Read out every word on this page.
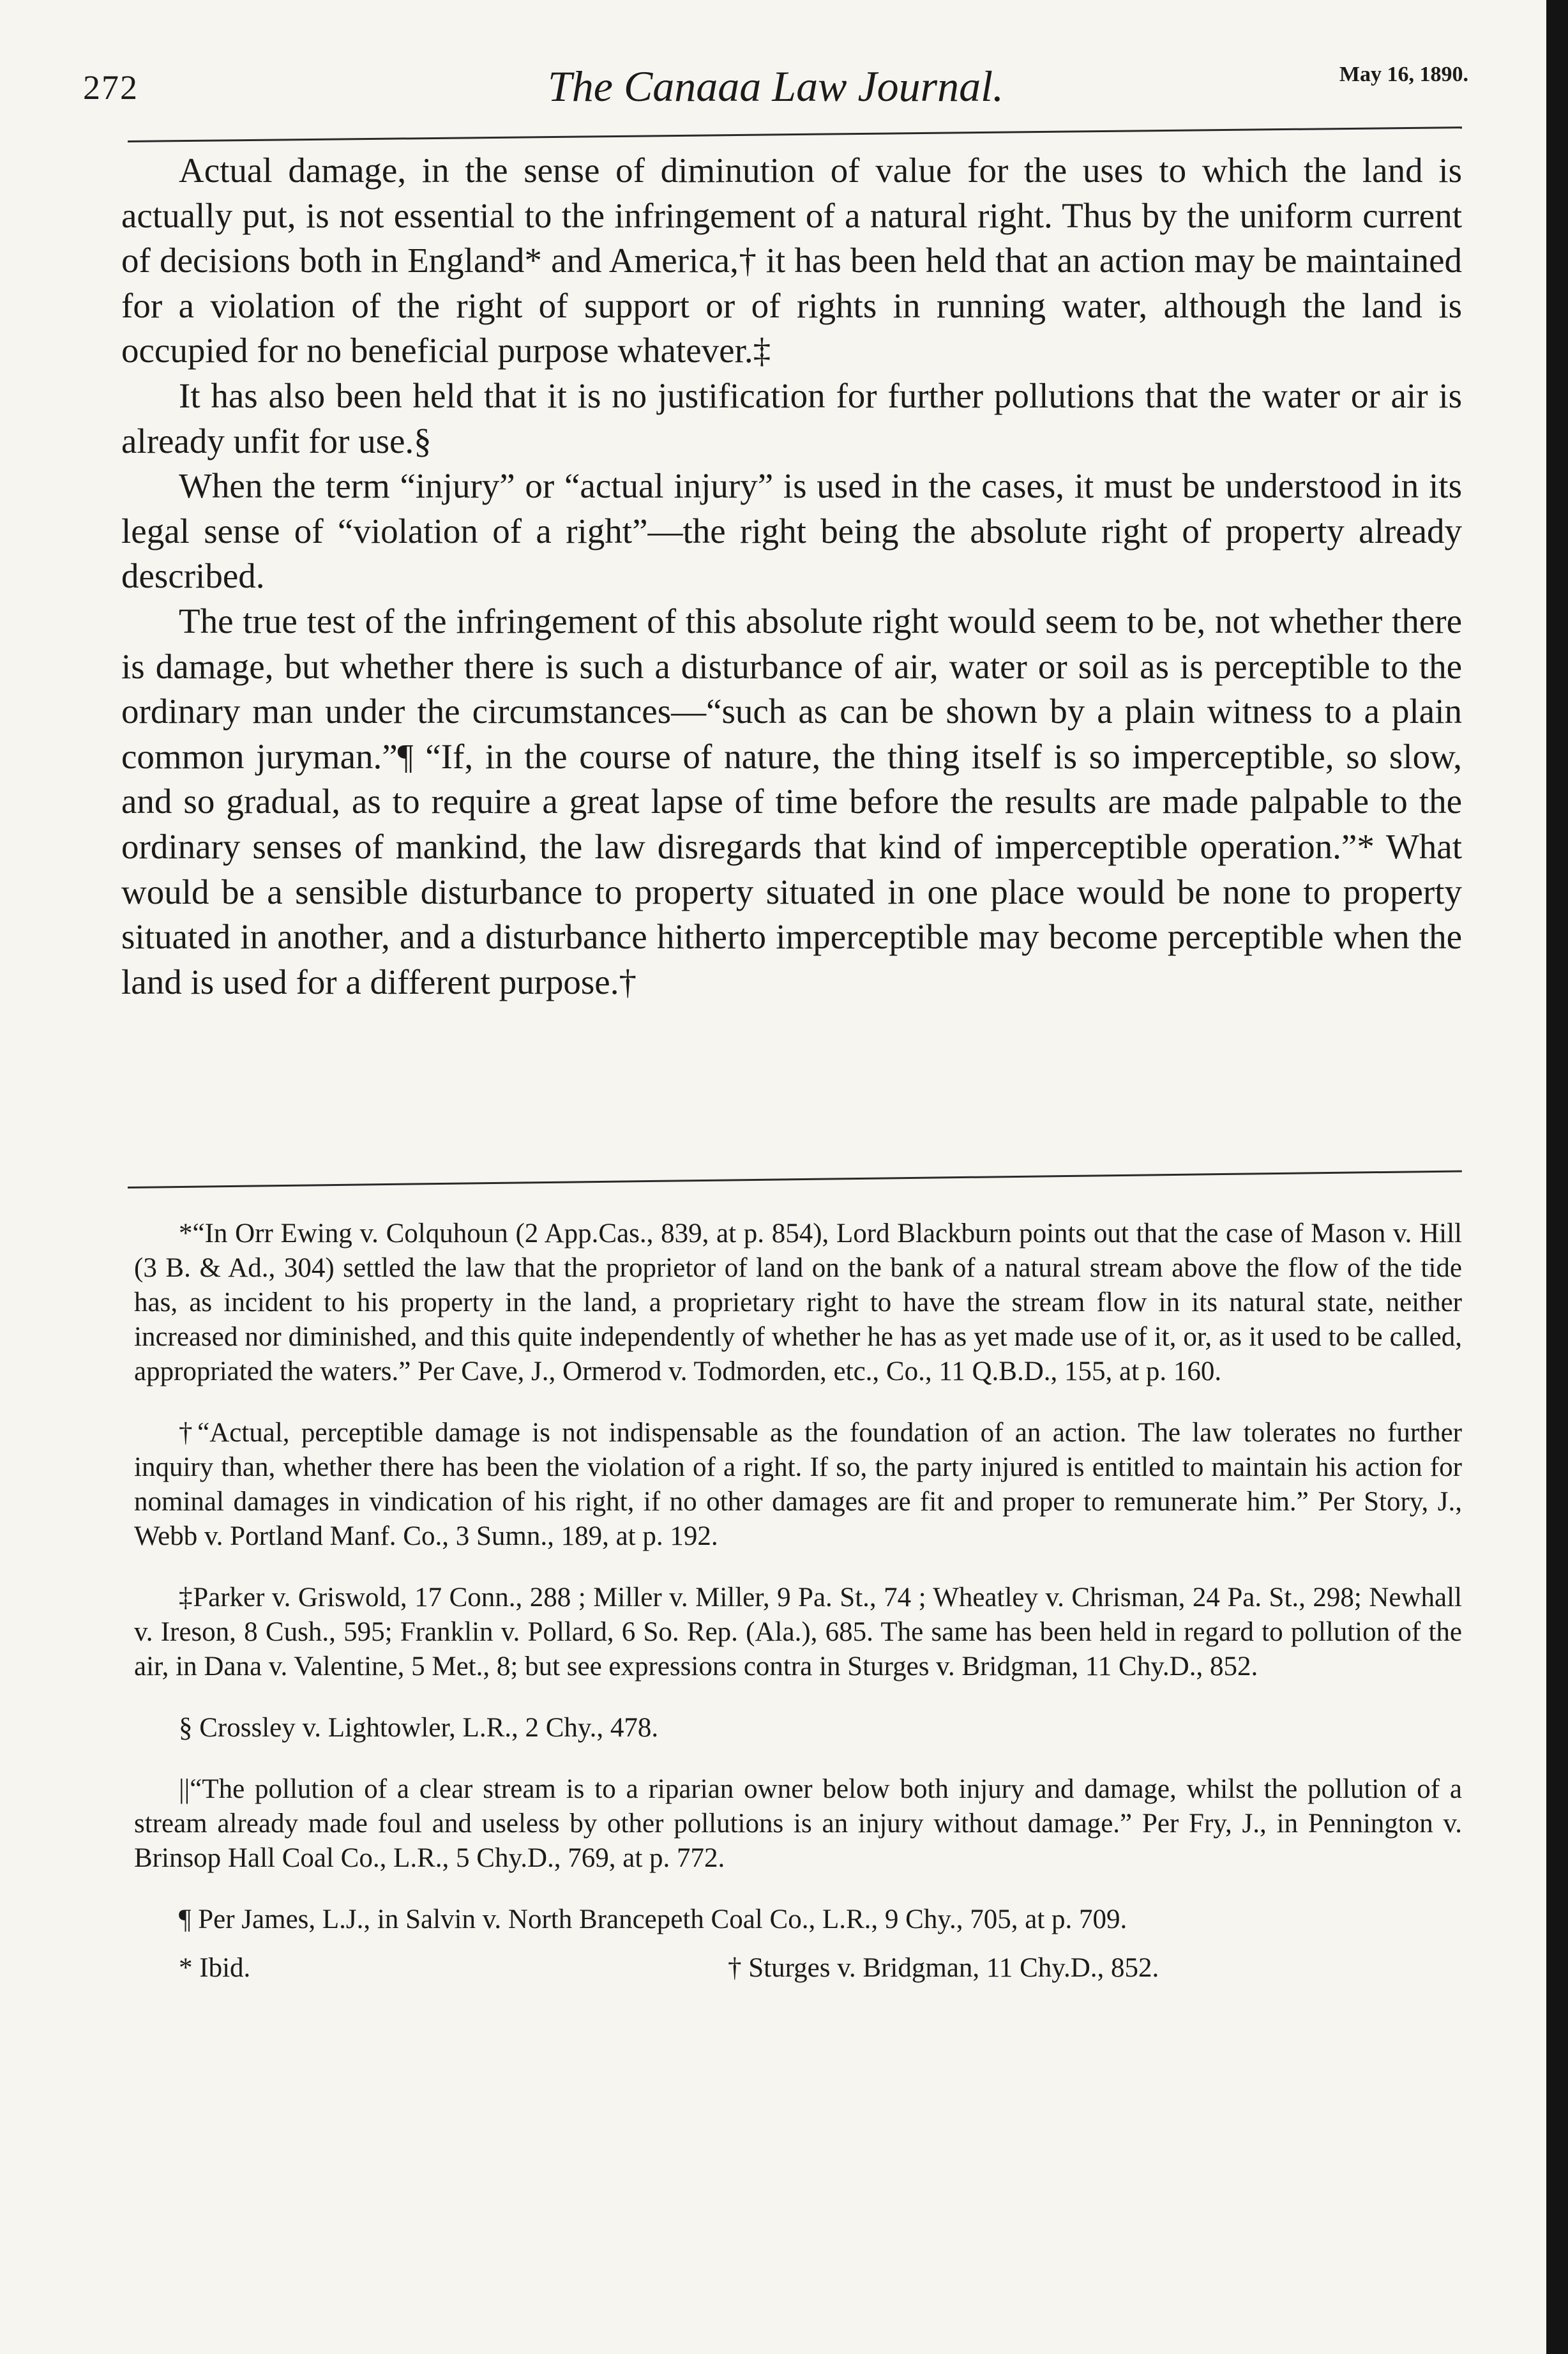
272	The Canaaa Law Journal.	May 16, 1890.

Actual damage, in the sense of diminution of value for the uses to which the land is actually put, is not essential to the infringement of a natural right. Thus by the uniform current of decisions both in England* and America,† it has been held that an action may be maintained for a violation of the right of support or of rights in running water, although the land is occupied for no beneficial purpose whatever.‡

It has also been held that it is no justification for further pollutions that the water or air is already unfit for use.§

When the term “injury” or “actual injury” is used in the cases, it must be understood in its legal sense of “violation of a right”—the right being the absolute right of property already described.

The true test of the infringement of this absolute right would seem to be, not whether there is damage, but whether there is such a disturbance of air, water or soil as is perceptible to the ordinary man under the circumstances—“such as can be shown by a plain witness to a plain common juryman.”¶ “If, in the course of nature, the thing itself is so imperceptible, so slow, and so gradual, as to require a great lapse of time before the results are made palpable to the ordinary senses of mankind, the law disregards that kind of imperceptible operation.”* What would be a sensible disturbance to property situated in one place would be none to property situated in another, and a disturbance hitherto imperceptible may become perceptible when the land is used for a different purpose.†

*“In Orr Ewing v. Colquhoun (2 App.Cas., 839, at p. 854), Lord Blackburn points out that the case of Mason v. Hill (3 B. & Ad., 304) settled the law that the proprietor of land on the bank of a natural stream above the flow of the tide has, as incident to his property in the land, a proprietary right to have the stream flow in its natural state, neither increased nor diminished, and this quite independently of whether he has as yet made use of it, or, as it used to be called, appropriated the waters.” Per Cave, J., Ormerod v. Todmorden, etc., Co., 11 Q.B.D., 155, at p. 160.

†“Actual, perceptible damage is not indispensable as the foundation of an action. The law tolerates no further inquiry than, whether there has been the violation of a right. If so, the party injured is entitled to maintain his action for nominal damages in vindication of his right, if no other damages are fit and proper to remunerate him.” Per Story, J., Webb v. Portland Manf. Co., 3 Sumn., 189, at p. 192.

‡Parker v. Griswold, 17 Conn., 288 ; Miller v. Miller, 9 Pa. St., 74 ; Wheatley v. Chrisman, 24 Pa. St., 298; Newhall v. Ireson, 8 Cush., 595; Franklin v. Pollard, 6 So. Rep. (Ala.), 685. The same has been held in regard to pollution of the air, in Dana v. Valentine, 5 Met., 8; but see expressions contra in Sturges v. Bridgman, 11 Chy.D., 852.

§ Crossley v. Lightowler, L.R., 2 Chy., 478.

||“The pollution of a clear stream is to a riparian owner below both injury and damage, whilst the pollution of a stream already made foul and useless by other pollutions is an injury without damage.” Per Fry, J., in Pennington v. Brinsop Hall Coal Co., L.R., 5 Chy.D., 769, at p. 772.

¶ Per James, L.J., in Salvin v. North Brancepeth Coal Co., L.R., 9 Chy., 705, at p. 709.

* Ibid.	† Sturges v. Bridgman, 11 Chy.D., 852.
